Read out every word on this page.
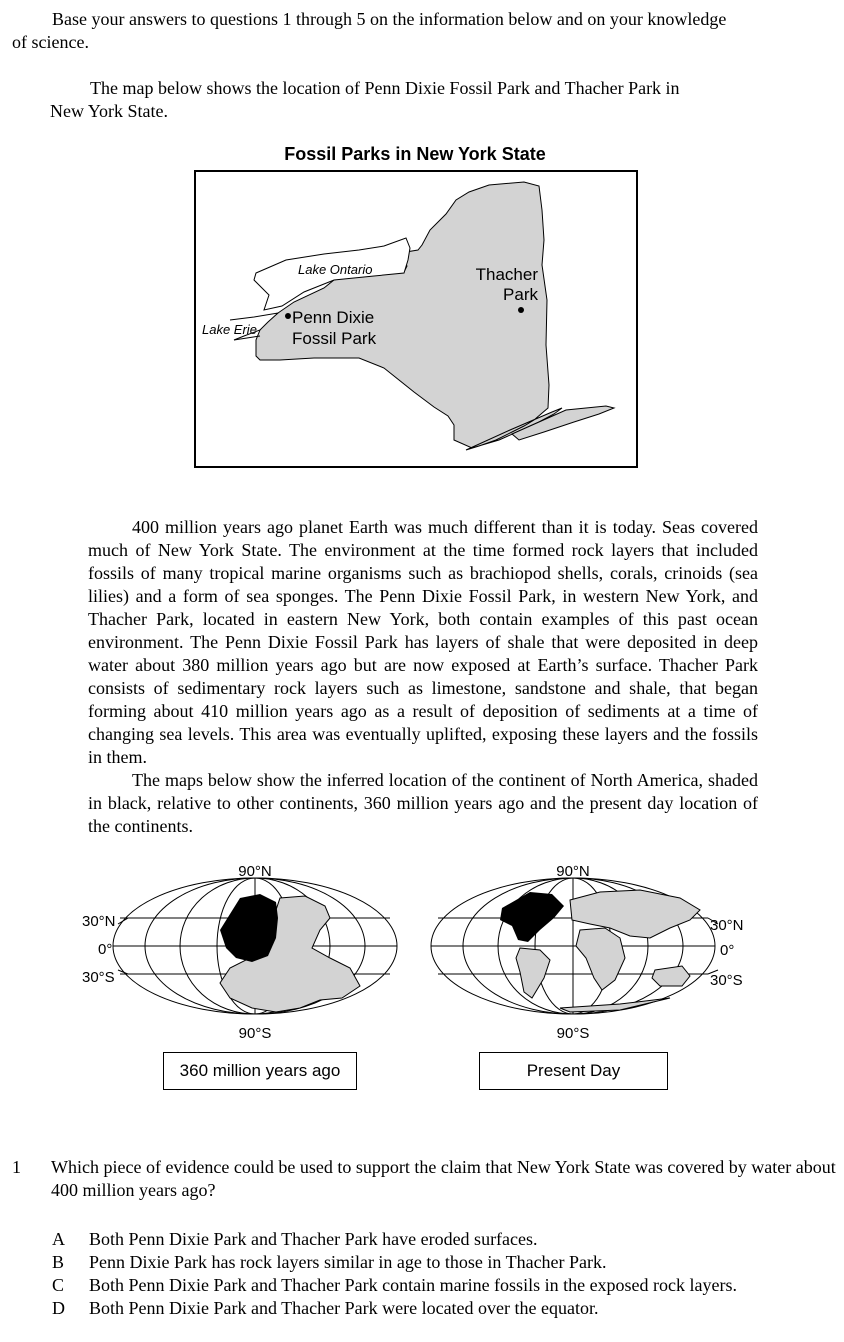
Base your answers to questions 1 through 5 on the information below and on your knowledge
of science.
The map below shows the location of Penn Dixie Fossil Park and Thacher Park in
New York State.
Fossil Parks in New York State
Lake Ontario
Lake Erie
Penn Dixie
Fossil Park
Thacher
Park

400 million years ago planet Earth was much different than it is today. Seas covered much of New York State. The environment at the time formed rock layers that included fossils of many tropical marine organisms such as brachiopod shells, corals, crinoids (sea lilies) and a form of sea sponges. The Penn Dixie Fossil Park, in western New York, and Thacher Park, located in eastern New York, both contain examples of this past ocean environment. The Penn Dixie Fossil Park has layers of shale that were deposited in deep water about 380 million years ago but are now exposed at Earth’s surface. Thacher Park consists of sedimentary rock layers such as limestone, sandstone and shale, that began forming about 410 million years ago as a result of deposition of sediments at a time of changing sea levels. This area was eventually uplifted, exposing these layers and the fossils in them.

The maps below show the inferred location of the continent of North America, shaded in black, relative to other continents, 360 million years ago and the present day location of the continents.

90°N
90°S
30°N
0°
30°S
90°N
90°S
30°N
0°
30°S
360 million years ago	Present Day
1	Which piece of evidence could be used to support the claim that New York State was covered by water about 400 million years ago?
A	Both Penn Dixie Park and Thacher Park have eroded surfaces.
B	Penn Dixie Park has rock layers similar in age to those in Thacher Park.
C	Both Penn Dixie Park and Thacher Park contain marine fossils in the exposed rock layers.
D	Both Penn Dixie Park and Thacher Park were located over the equator.
